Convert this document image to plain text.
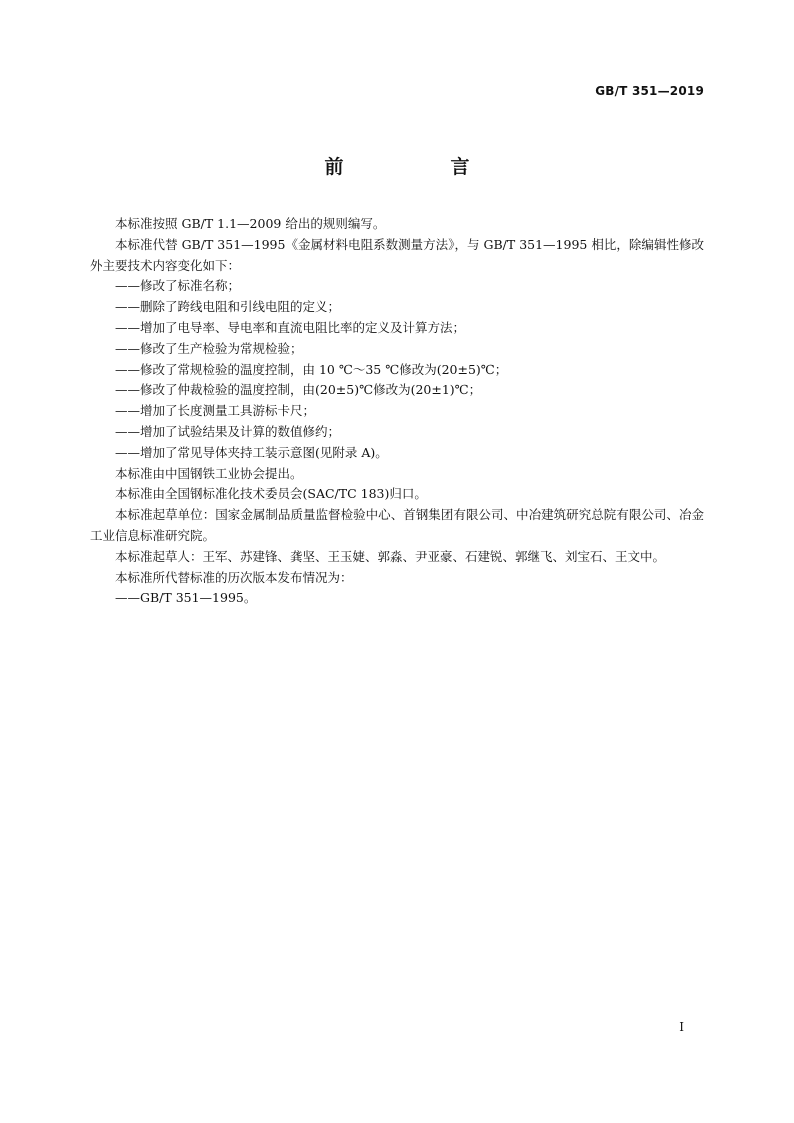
GB/T 351—2019
前　言

本标准按照 GB/T 1.1—2009 给出的规则编写。

本标准代替 GB/T 351—1995《金属材料电阻系数测量方法》，与 GB/T 351—1995 相比，除编辑性修改外主要技术内容变化如下：

——修改了标准名称；

——删除了跨线电阻和引线电阻的定义；

——增加了电导率、导电率和直流电阻比率的定义及计算方法；

——修改了生产检验为常规检验；

——修改了常规检验的温度控制，由 10 ℃～35 ℃修改为(20±5)℃；

——修改了仲裁检验的温度控制，由(20±5)℃修改为(20±1)℃；

——增加了长度测量工具游标卡尺；

——增加了试验结果及计算的数值修约；

——增加了常见导体夹持工装示意图(见附录 A)。

本标准由中国钢铁工业协会提出。

本标准由全国钢标准化技术委员会(SAC/TC 183)归口。

本标准起草单位：国家金属制品质量监督检验中心、首钢集团有限公司、中冶建筑研究总院有限公司、冶金工业信息标准研究院。

本标准起草人：王军、苏建锋、龚坚、王玉婕、郭淼、尹亚豪、石建锐、郭继飞、刘宝石、王文中。

本标准所代替标准的历次版本发布情况为：

——GB/T 351—1995。

I
